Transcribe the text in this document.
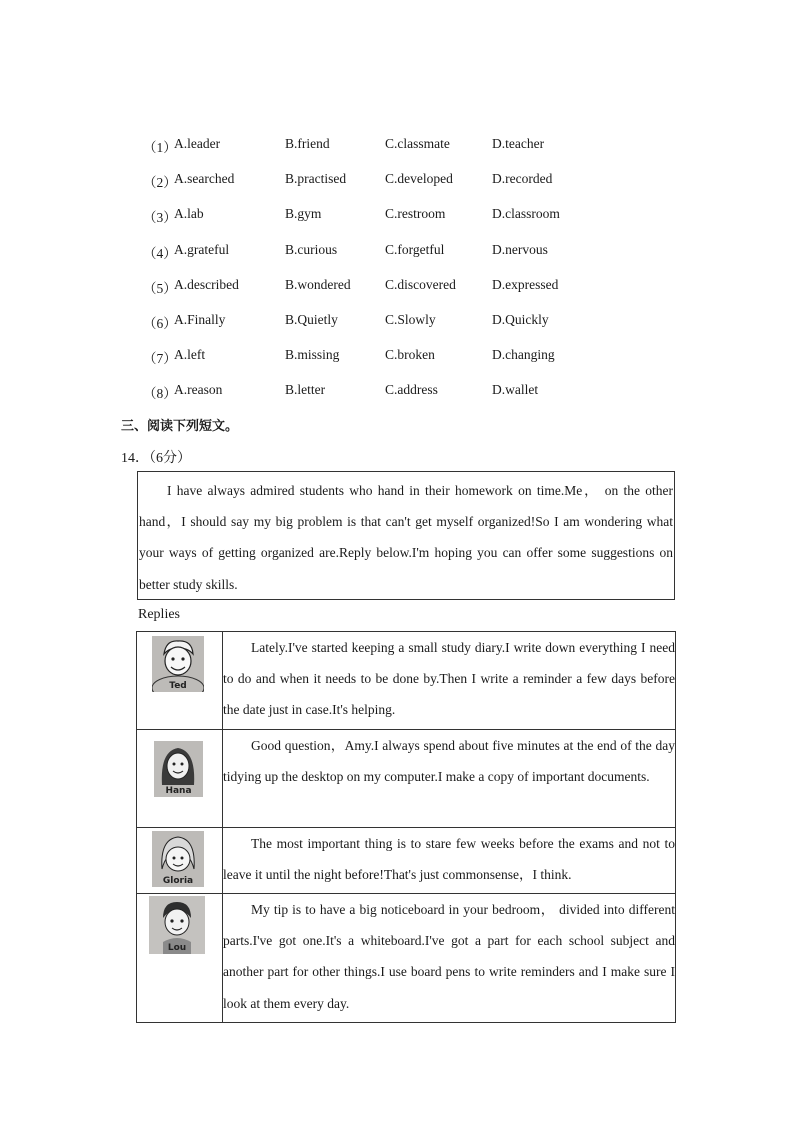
（1）
A.leader	B.friend	C.classmate	D.teacher
（2）
A.searched	B.practised	C.developed	D.recorded
（3）
A.lab	B.gym	C.restroom	D.classroom
（4）
A.grateful	B.curious	C.forgetful	D.nervous
（5）
A.described	B.wondered	C.discovered	D.expressed
（6）
A.Finally	B.Quietly	C.Slowly	D.Quickly
（7）
A.left	B.missing	C.broken	D.changing
（8）
A.reason	B.letter	C.address	D.wallet
三、阅读下列短文。
14．（6分）

I have always admired students who hand in their homework on time.Me， on the other hand，I should say my big problem is that can't get myself organized!So I am wondering what your ways of getting organized are.Reply below.I'm hoping you can offer some suggestions on better study skills.

Replies
Ted	Lately.I've started keeping a small study diary.I write down everything I need to do and when it needs to be done by.Then I write a reminder a few days before the date just in case.It's helping.

Hana	Good question，Amy.I always spend about five minutes at the end of the day tidying up the desktop on my computer.I make a copy of important documents.

Gloria	The most important thing is to stare few weeks before the exams and not to leave it until the night before!That's just commonsense，I think.

Lou	My tip is to have a big noticeboard in your bedroom， divided into different parts.I've got one.It's a whiteboard.I've got a part for each school subject and another part for other things.I use board pens to write reminders and I make sure I look at them every day.
